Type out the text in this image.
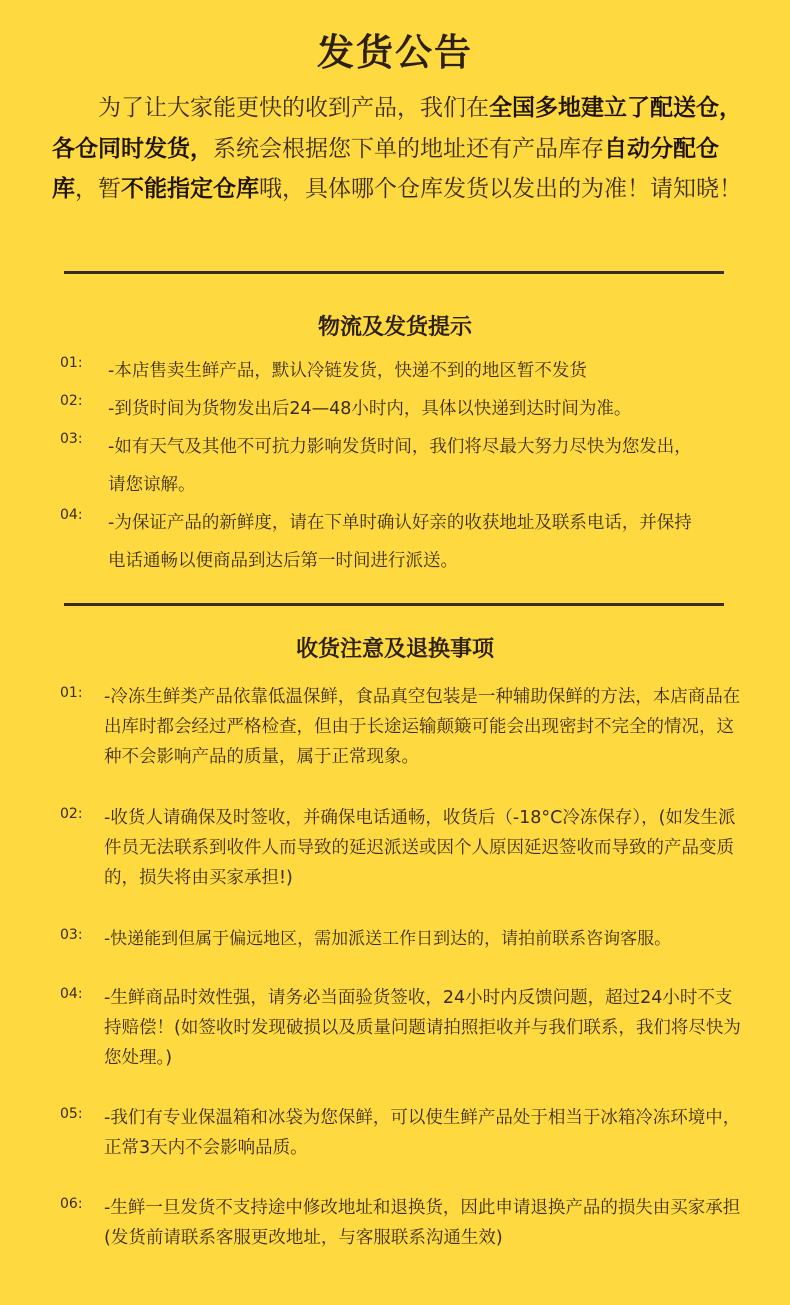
发货公告
为了让大家能更快的收到产品，我们在全国多地建立了配送仓，各仓同时发货，系统会根据您下单的地址还有产品库存自动分配仓库，暂不能指定仓库哦，具体哪个仓库发货以发出的为准！请知晓！
物流及发货提示
01: -本店售卖生鲜产品，默认冷链发货，快递不到的地区暂不发货
02: -到货时间为货物发出后24—48小时内，具体以快递到达时间为准。
03: -如有天气及其他不可抗力影响发货时间，我们将尽最大努力尽快为您发出，请您谅解。
04: -为保证产品的新鲜度，请在下单时确认好亲的收获地址及联系电话，并保持电话通畅以便商品到达后第一时间进行派送。
收货注意及退换事项
01: -冷冻生鲜类产品依靠低温保鲜，食品真空包装是一种辅助保鲜的方法，本店商品在出库时都会经过严格检查，但由于长途运输颠簸可能会出现密封不完全的情况，这种不会影响产品的质量，属于正常现象。
02: -收货人请确保及时签收，并确保电话通畅，收货后（-18°C冷冻保存），(如发生派件员无法联系到收件人而导致的延迟派送或因个人原因延迟签收而导致的产品变质的，损失将由买家承担!)
03: -快递能到但属于偏远地区，需加派送工作日到达的，请拍前联系咨询客服。
04: -生鲜商品时效性强，请务必当面验货签收，24小时内反馈问题，超过24小时不支持赔偿！(如签收时发现破损以及质量问题请拍照拒收并与我们联系，我们将尽快为您处理。)
05: -我们有专业保温箱和冰袋为您保鲜，可以使生鲜产品处于相当于冰箱冷冻环境中，正常3天内不会影响品质。
06: -生鲜一旦发货不支持途中修改地址和退换货，因此申请退换产品的损失由买家承担(发货前请联系客服更改地址，与客服联系沟通生效)
